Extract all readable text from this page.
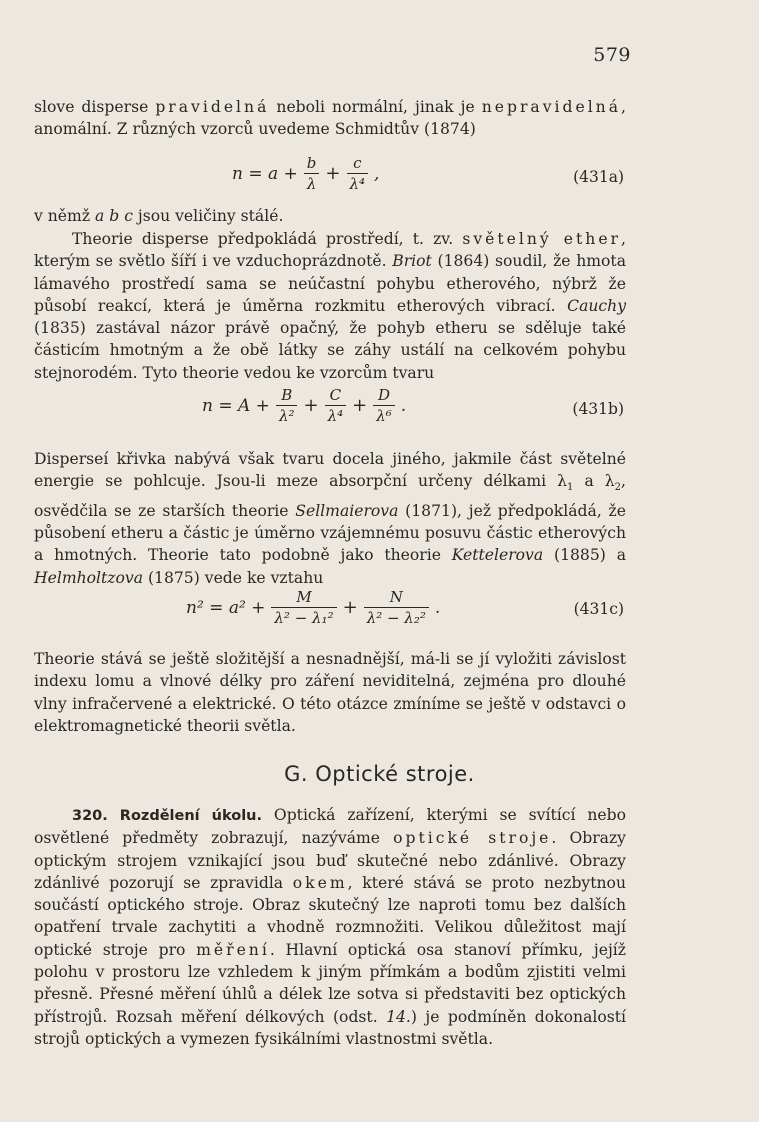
579

slove disperse pravidelná neboli normální, jinak je nepravidelná, anomální. Z různých vzorců uvedeme Schmidtův (1874)

$n = a + \frac{b}{\lambda} + \frac{c}{\text{λ⁴}}$ ,	(431a)

v němž a b c jsou veličiny stálé.

Theorie disperse předpokládá prostředí, t. zv. světelný ether, kterým se světlo šíří i ve vzduchoprázdnotě. Briot (1864) soudil, že hmota lámavého prostředí sama se neúčastní pohybu etherového, nýbrž že působí reakcí, která je úměrna rozkmitu etherových vibrací. Cauchy (1835) zastával názor právě opačný, že pohyb etheru se sděluje také částicím hmotným a že obě látky se záhy ustálí na celkovém pohybu stejnorodém. Tyto theorie vedou ke vzorcům tvaru

$n = A + \frac{B}{\text{λ²}} + \frac{C}{\text{λ⁴}} + \frac{D}{\text{λ⁶}}$ .	(431b)

Disperseí křivka nabývá však tvaru docela jiného, jakmile část světelné energie se pohlcuje. Jsou-li meze absorpční určeny délkami $\lambda_1$ a $\lambda_2$, osvědčila se ze starších theorie Sellmaierova (1871), jež předpokládá, že působení etheru a částic je úměrno vzájemnému posuvu částic etherových a hmotných. Theorie tato podobně jako theorie Kettelerova (1885) a Helmholtzova (1875) vede ke vztahu

$n^2 = a^2 + \frac{M}{\text{λ² − λ₁²}} + \frac{N}{\text{λ² − λ₂²}}$ .	(431c)

Theorie stává se ještě složitější a nesnadnější, má-li se jí vyložiti závislost indexu lomu a vlnové délky pro záření neviditelná, zejména pro dlouhé vlny infračervené a elektrické. O této otázce zmíníme se ještě v odstavci o elektromagnetické theorii světla.

G. Optické stroje.

320. Rozdělení úkolu. Optická zařízení, kterými se svítící nebo osvětlené předměty zobrazují, nazýváme optické stroje. Obrazy optickým strojem vznikající jsou buď skutečné nebo zdánlivé. Obrazy zdánlivé pozorují se zpravidla okem, které stává se proto nezbytnou součástí optického stroje. Obraz skutečný lze naproti tomu bez dalších opatření trvale zachytiti a vhodně rozmnožiti. Velikou důležitost mají optické stroje pro měření. Hlavní optická osa stanoví přímku, jejíž polohu v prostoru lze vzhledem k jiným přímkám a bodům zjistiti velmi přesně. Přesné měření úhlů a délek lze sotva si představiti bez optických přístrojů. Rozsah měření délkových (odst. 14.) je podmíněn dokonalostí strojů optických a vymezen fysikálními vlastnostmi světla.
